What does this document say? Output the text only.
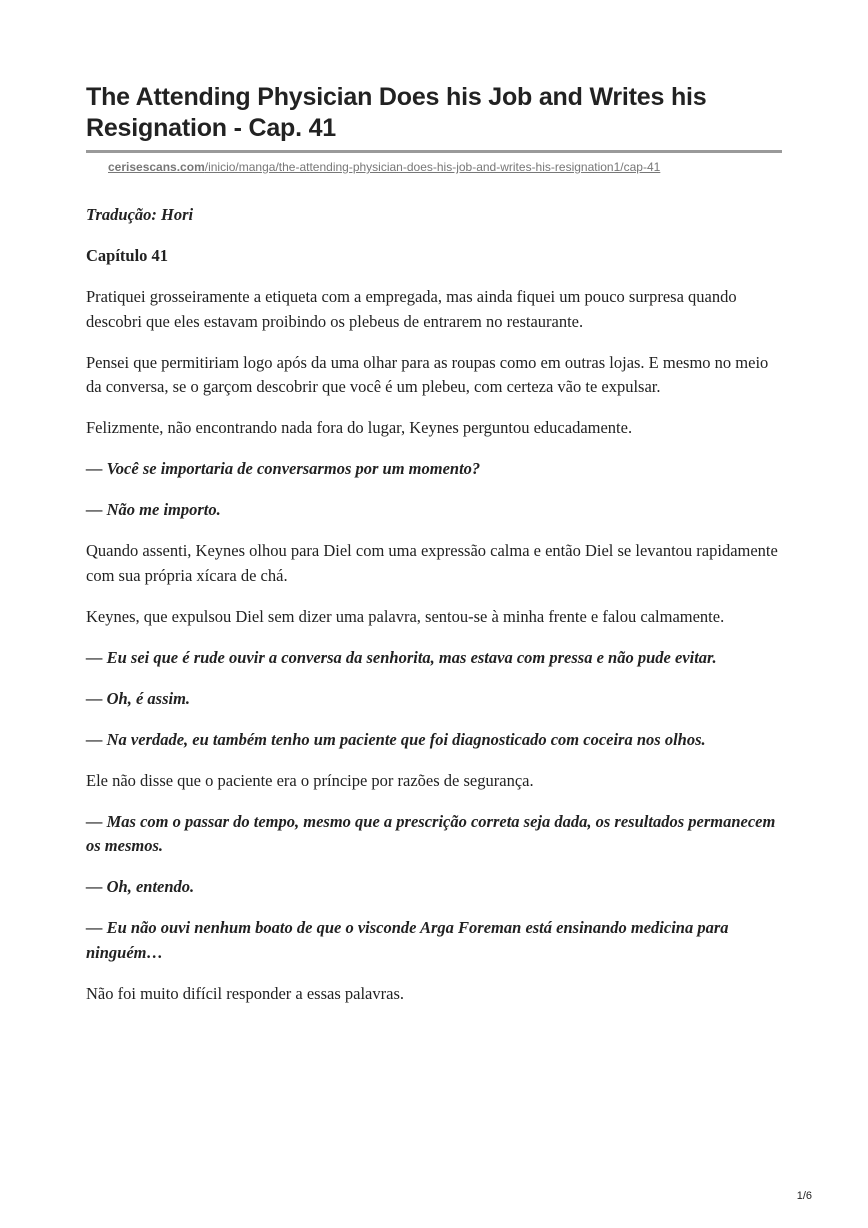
The Attending Physician Does his Job and Writes his Resignation - Cap. 41
cerisescans.com/inicio/manga/the-attending-physician-does-his-job-and-writes-his-resignation1/cap-41

Tradução: Hori

Capítulo 41

Pratiquei grosseiramente a etiqueta com a empregada, mas ainda fiquei um pouco surpresa quando descobri que eles estavam proibindo os plebeus de entrarem no restaurante.

Pensei que permitiriam logo após da uma olhar para as roupas como em outras lojas. E mesmo no meio da conversa, se o garçom descobrir que você é um plebeu, com certeza vão te expulsar.

Felizmente, não encontrando nada fora do lugar, Keynes perguntou educadamente.

— Você se importaria de conversarmos por um momento?

— Não me importo.

Quando assenti, Keynes olhou para Diel com uma expressão calma e então Diel se levantou rapidamente com sua própria xícara de chá.

Keynes, que expulsou Diel sem dizer uma palavra, sentou-se à minha frente e falou calmamente.

— Eu sei que é rude ouvir a conversa da senhorita, mas estava com pressa e não pude evitar.

— Oh, é assim.

— Na verdade, eu também tenho um paciente que foi diagnosticado com coceira nos olhos.

Ele não disse que o paciente era o príncipe por razões de segurança.

— Mas com o passar do tempo, mesmo que a prescrição correta seja dada, os resultados permanecem os mesmos.

— Oh, entendo.

— Eu não ouvi nenhum boato de que o visconde Arga Foreman está ensinando medicina para ninguém…

Não foi muito difícil responder a essas palavras.

1/6
